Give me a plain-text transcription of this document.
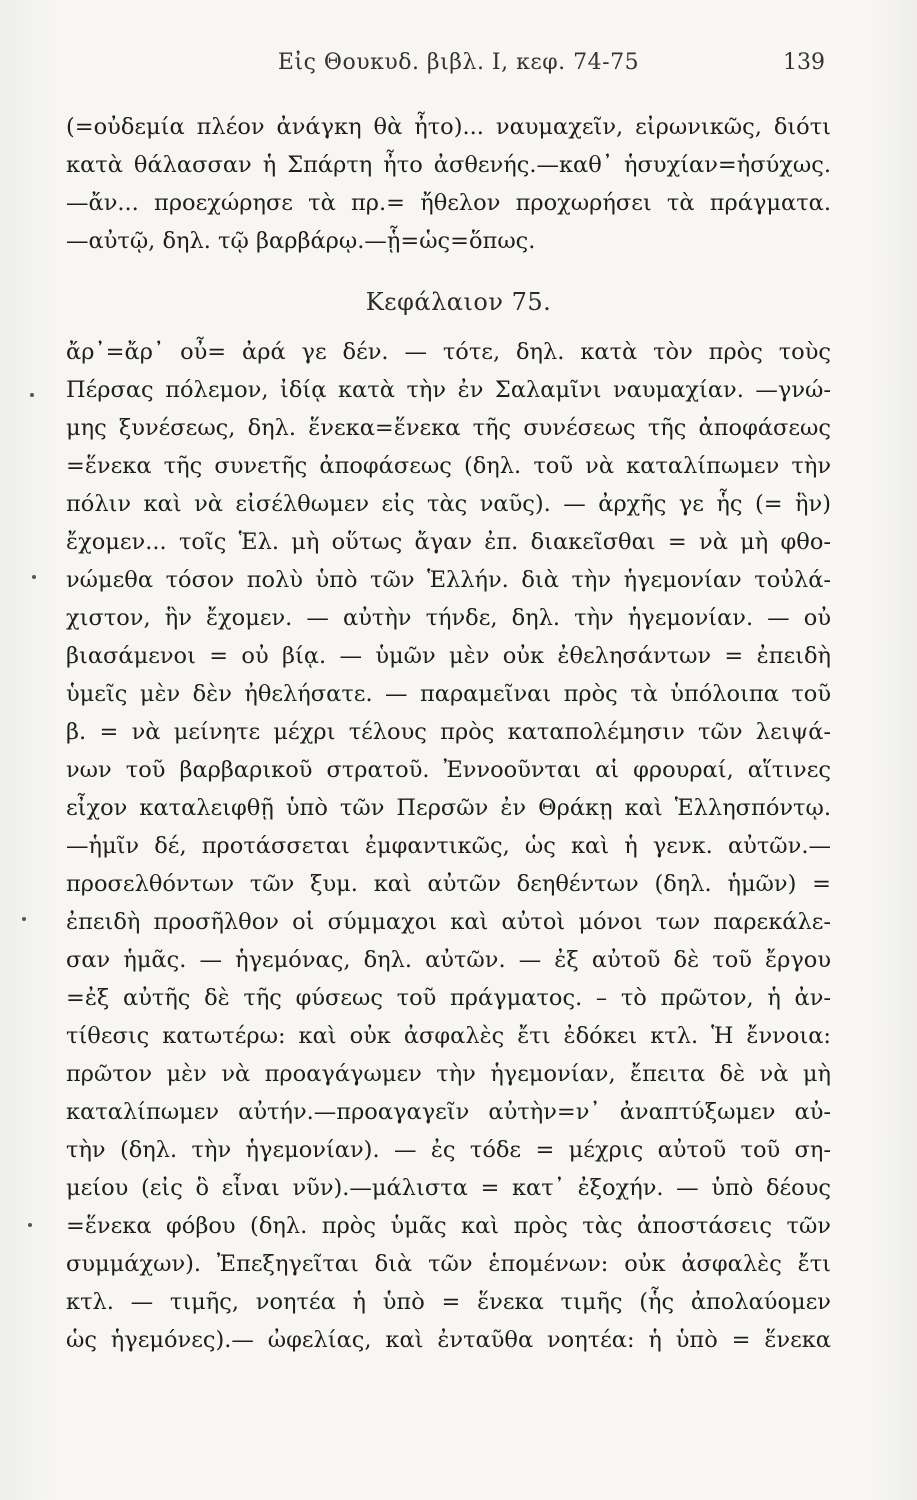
Εἰς Θουκυδ. βιβλ. I, κεφ. 74-75	139
(=οὐδεμία πλέον ἀνάγκη θὰ ἦτο)... ναυμαχεῖν, εἰρωνικῶς, διότι
κατὰ θάλασσαν ἡ Σπάρτη ἦτο ἀσθενής.—καθ᾽ ἡσυχίαν=ἡσύχως.
—ἄν... προεχώρησε τὰ πρ.= ἤθελον προχωρήσει τὰ πράγματα.
—αὐτῷ, δηλ. τῷ βαρβάρῳ.—ᾗ=ὡς=ὅπως.
Κεφάλαιον 75.
ἄρ᾽=ἄρ᾽ οὖ= ἀρά γε δέν. — τότε, δηλ. κατὰ τὸν πρὸς τοὺς
Πέρσας πόλεμον, ἰδίᾳ κατὰ τὴν ἐν Σαλαμῖνι ναυμαχίαν. —γνώ-
μης ξυνέσεως, δηλ. ἕνεκα=ἕνεκα τῆς συνέσεως τῆς ἀποφάσεως
=ἕνεκα τῆς συνετῆς ἀποφάσεως (δηλ. τοῦ νὰ καταλίπωμεν τὴν
πόλιν καὶ νὰ εἰσέλθωμεν εἰς τὰς ναῦς). — ἀρχῆς γε ἧς (= ἣν)
ἔχομεν... τοῖς Ἑλ. μὴ οὕτως ἄγαν ἐπ. διακεῖσθαι = νὰ μὴ φθο-
νώμεθα τόσον πολὺ ὑπὸ τῶν Ἑλλήν. διὰ τὴν ἡγεμονίαν τοὐλά-
χιστον, ἣν ἔχομεν. — αὐτὴν τήνδε, δηλ. τὴν ἡγεμονίαν. — οὐ
βιασάμενοι = οὐ βίᾳ. — ὑμῶν μὲν οὐκ ἐθελησάντων = ἐπειδὴ
ὑμεῖς μὲν δὲν ἠθελήσατε. — παραμεῖναι πρὸς τὰ ὑπόλοιπα τοῦ
β. = νὰ μείνητε μέχρι τέλους πρὸς καταπολέμησιν τῶν λειψά-
νων τοῦ βαρβαρικοῦ στρατοῦ. Ἐννοοῦνται αἱ φρουραί, αἵτινες
εἶχον καταλειφθῇ ὑπὸ τῶν Περσῶν ἐν Θράκῃ καὶ Ἑλλησπόντῳ.
—ἡμῖν δέ, προτάσσεται ἐμφαντικῶς, ὡς καὶ ἡ γενκ. αὐτῶν.—
προσελθόντων τῶν ξυμ. καὶ αὐτῶν δεηθέντων (δηλ. ἡμῶν) =
ἐπειδὴ προσῆλθον οἱ σύμμαχοι καὶ αὐτοὶ μόνοι των παρεκάλε-
σαν ἡμᾶς. — ἡγεμόνας, δηλ. αὐτῶν. — ἐξ αὐτοῦ δὲ τοῦ ἔργου
=ἐξ αὐτῆς δὲ τῆς φύσεως τοῦ πράγματος. – τὸ πρῶτον, ἡ ἀν-
τίθεσις κατωτέρω: καὶ οὐκ ἀσφαλὲς ἔτι ἐδόκει κτλ. Ἡ ἔννοια:
πρῶτον μὲν νὰ προαγάγωμεν τὴν ἡγεμονίαν, ἔπειτα δὲ νὰ μὴ
καταλίπωμεν αὐτήν.—προαγαγεῖν αὐτὴν=ν᾽ ἀναπτύξωμεν αὐ-
τὴν (δηλ. τὴν ἡγεμονίαν). — ἐς τόδε = μέχρις αὐτοῦ τοῦ ση-
μείου (εἰς ὃ εἶναι νῦν).—μάλιστα = κατ᾽ ἐξοχήν. — ὑπὸ δέους
=ἕνεκα φόβου (δηλ. πρὸς ὑμᾶς καὶ πρὸς τὰς ἀποστάσεις τῶν
συμμάχων). Ἐπεξηγεῖται διὰ τῶν ἑπομένων: οὐκ ἀσφαλὲς ἔτι
κτλ. — τιμῆς, νοητέα ἡ ὑπὸ = ἕνεκα τιμῆς (ἧς ἀπολαύομεν
ὡς ἡγεμόνες).— ὠφελίας, καὶ ἐνταῦθα νοητέα: ἡ ὑπὸ = ἕνεκα
